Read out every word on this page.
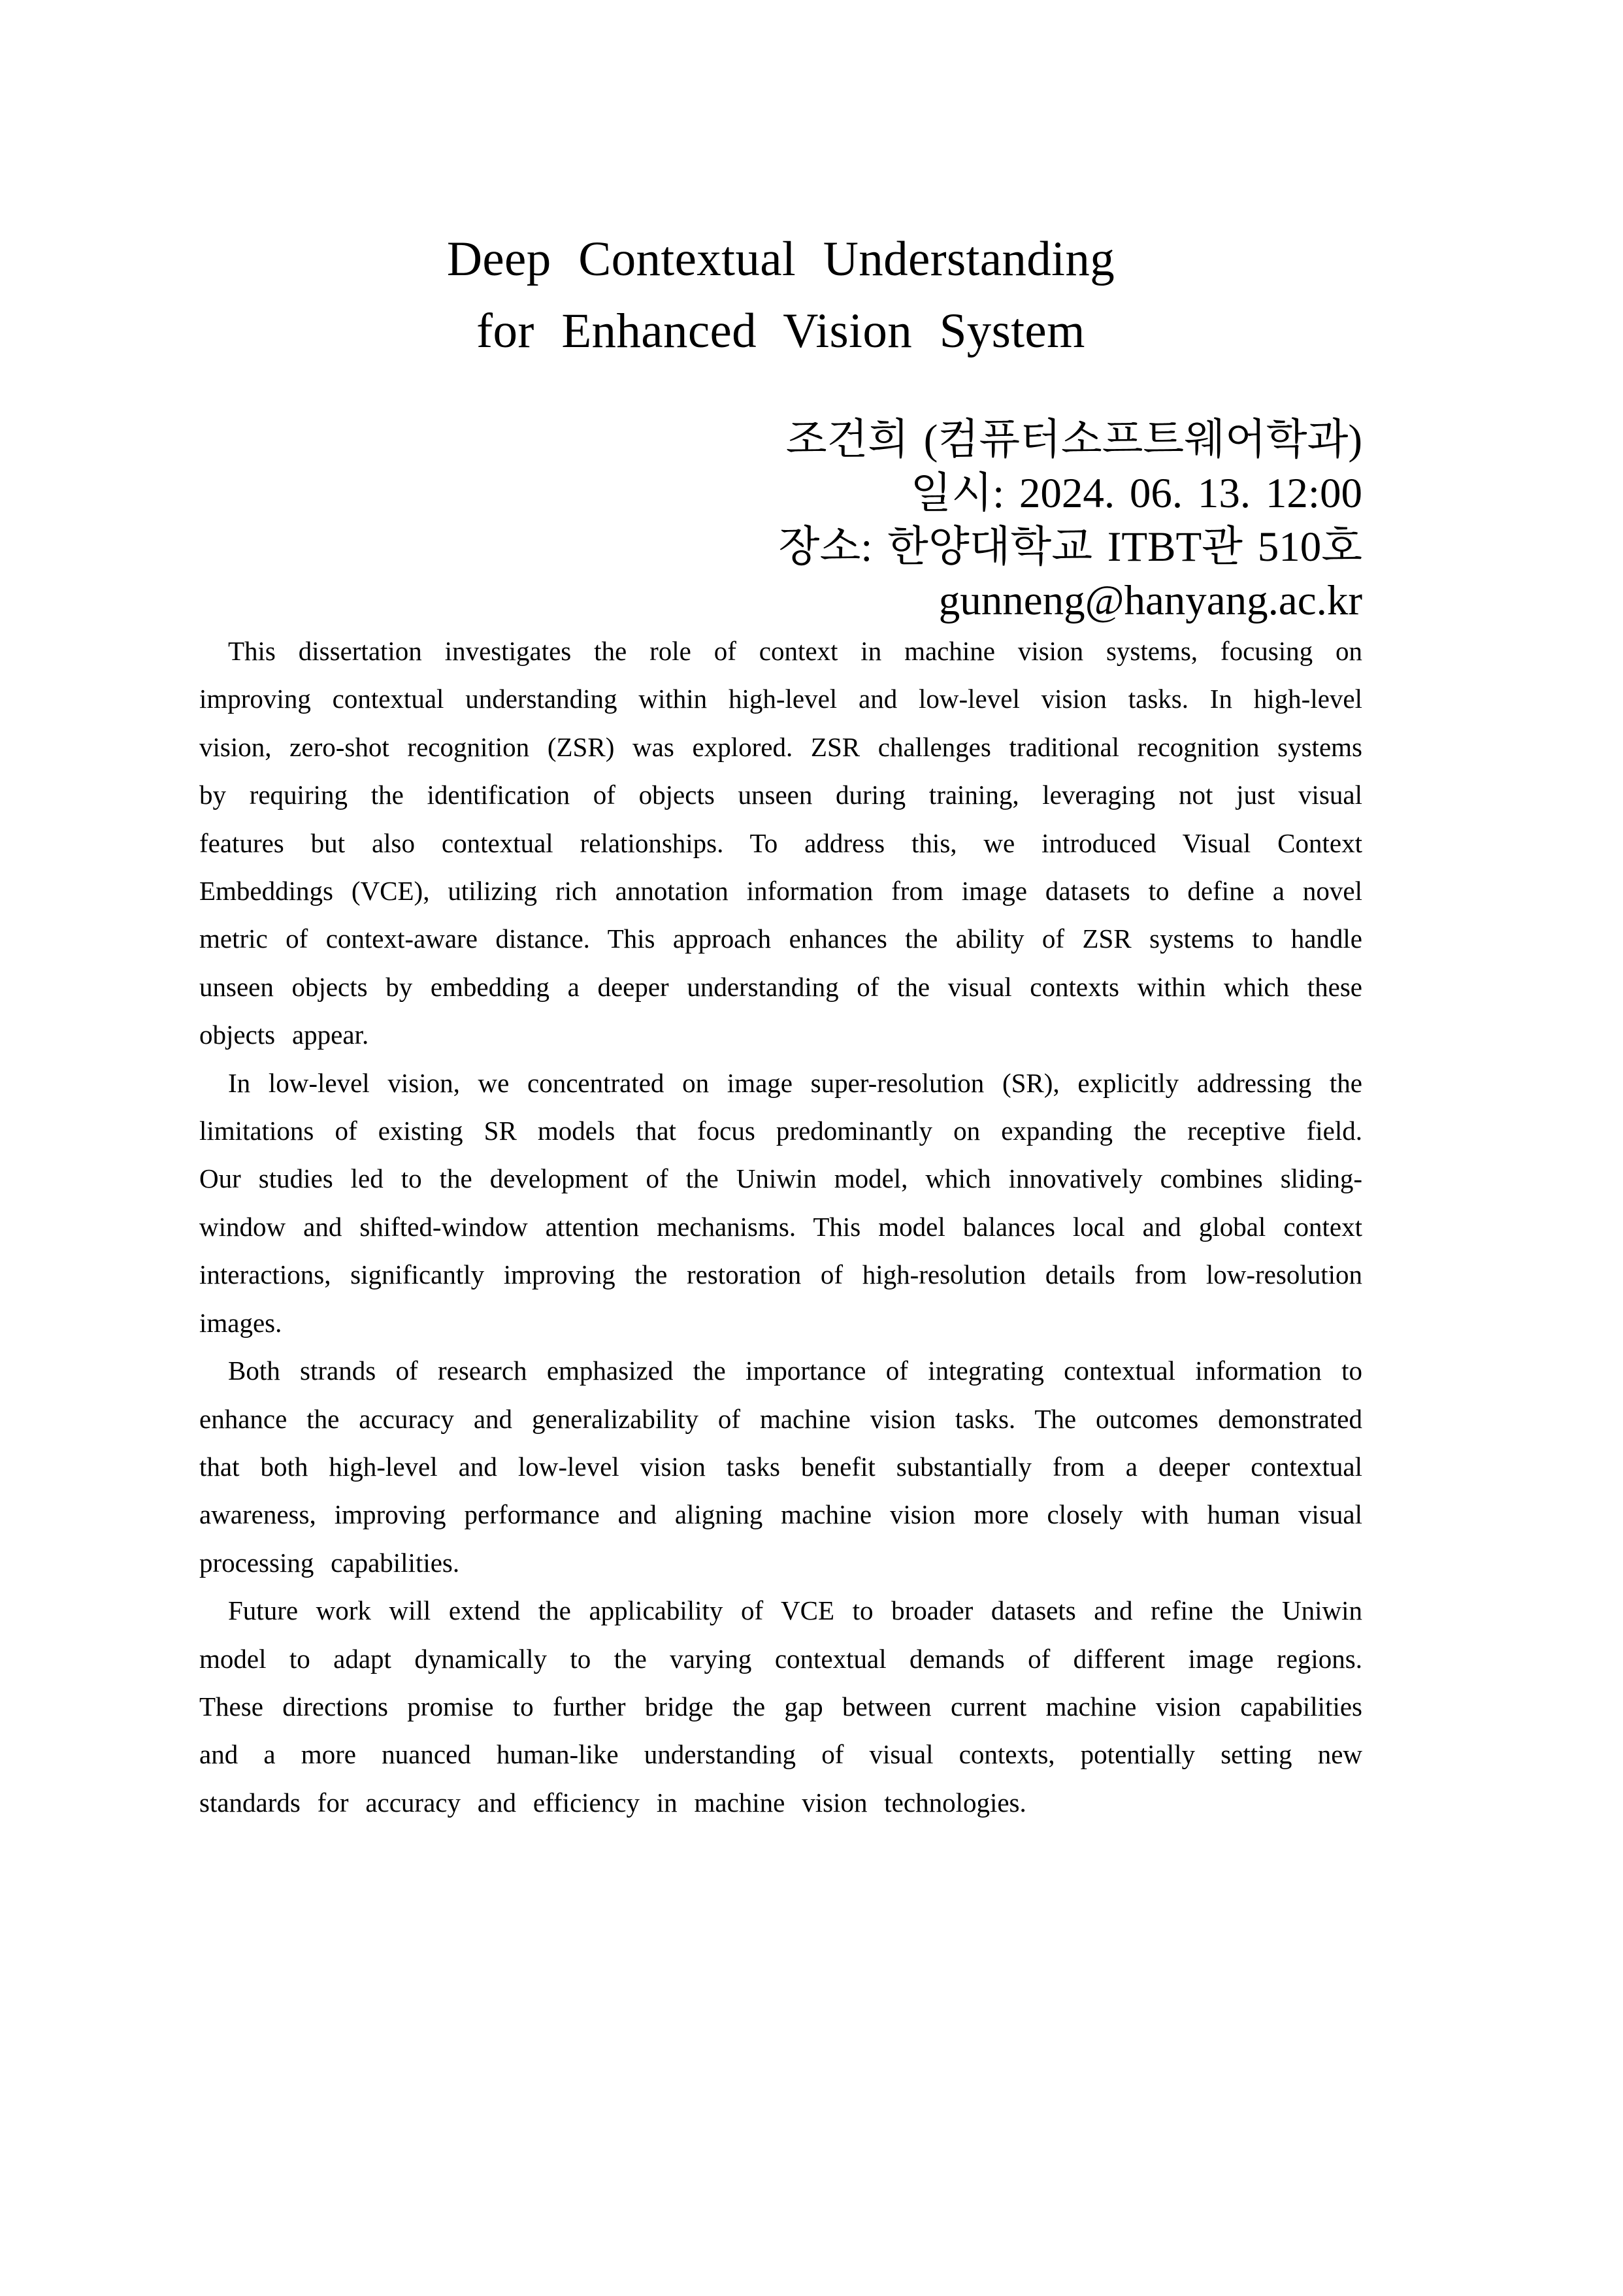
Deep Contextual Understanding
for Enhanced Vision System
조건희 (컴퓨터소프트웨어학과)
일시: 2024. 06. 13. 12:00
장소: 한양대학교 ITBT관 510호
gunneng@hanyang.ac.kr

This dissertation investigates the role of context in machine vision systems, focusing on improving contextual understanding within high-level and low-level vision tasks. In high-level vision, zero-shot recognition (ZSR) was explored. ZSR challenges traditional recognition systems by requiring the identification of objects unseen during training, leveraging not just visual features but also contextual relationships. To address this, we introduced Visual Context Embeddings (VCE), utilizing rich annotation information from image datasets to define a novel metric of context-aware distance. This approach enhances the ability of ZSR systems to handle unseen objects by embedding a deeper understanding of the visual contexts within which these objects appear.

In low-level vision, we concentrated on image super-resolution (SR), explicitly addressing the limitations of existing SR models that focus predominantly on expanding the receptive field. Our studies led to the development of the Uniwin model, which innovatively combines sliding-window and shifted-window attention mechanisms. This model balances local and global context interactions, significantly improving the restoration of high-resolution details from low-resolution images.

Both strands of research emphasized the importance of integrating contextual information to enhance the accuracy and generalizability of machine vision tasks. The outcomes demonstrated that both high-level and low-level vision tasks benefit substantially from a deeper contextual awareness, improving performance and aligning machine vision more closely with human visual processing capabilities.

Future work will extend the applicability of VCE to broader datasets and refine the Uniwin model to adapt dynamically to the varying contextual demands of different image regions. These directions promise to further bridge the gap between current machine vision capabilities and a more nuanced human-like understanding of visual contexts, potentially setting new standards for accuracy and efficiency in machine vision technologies.
